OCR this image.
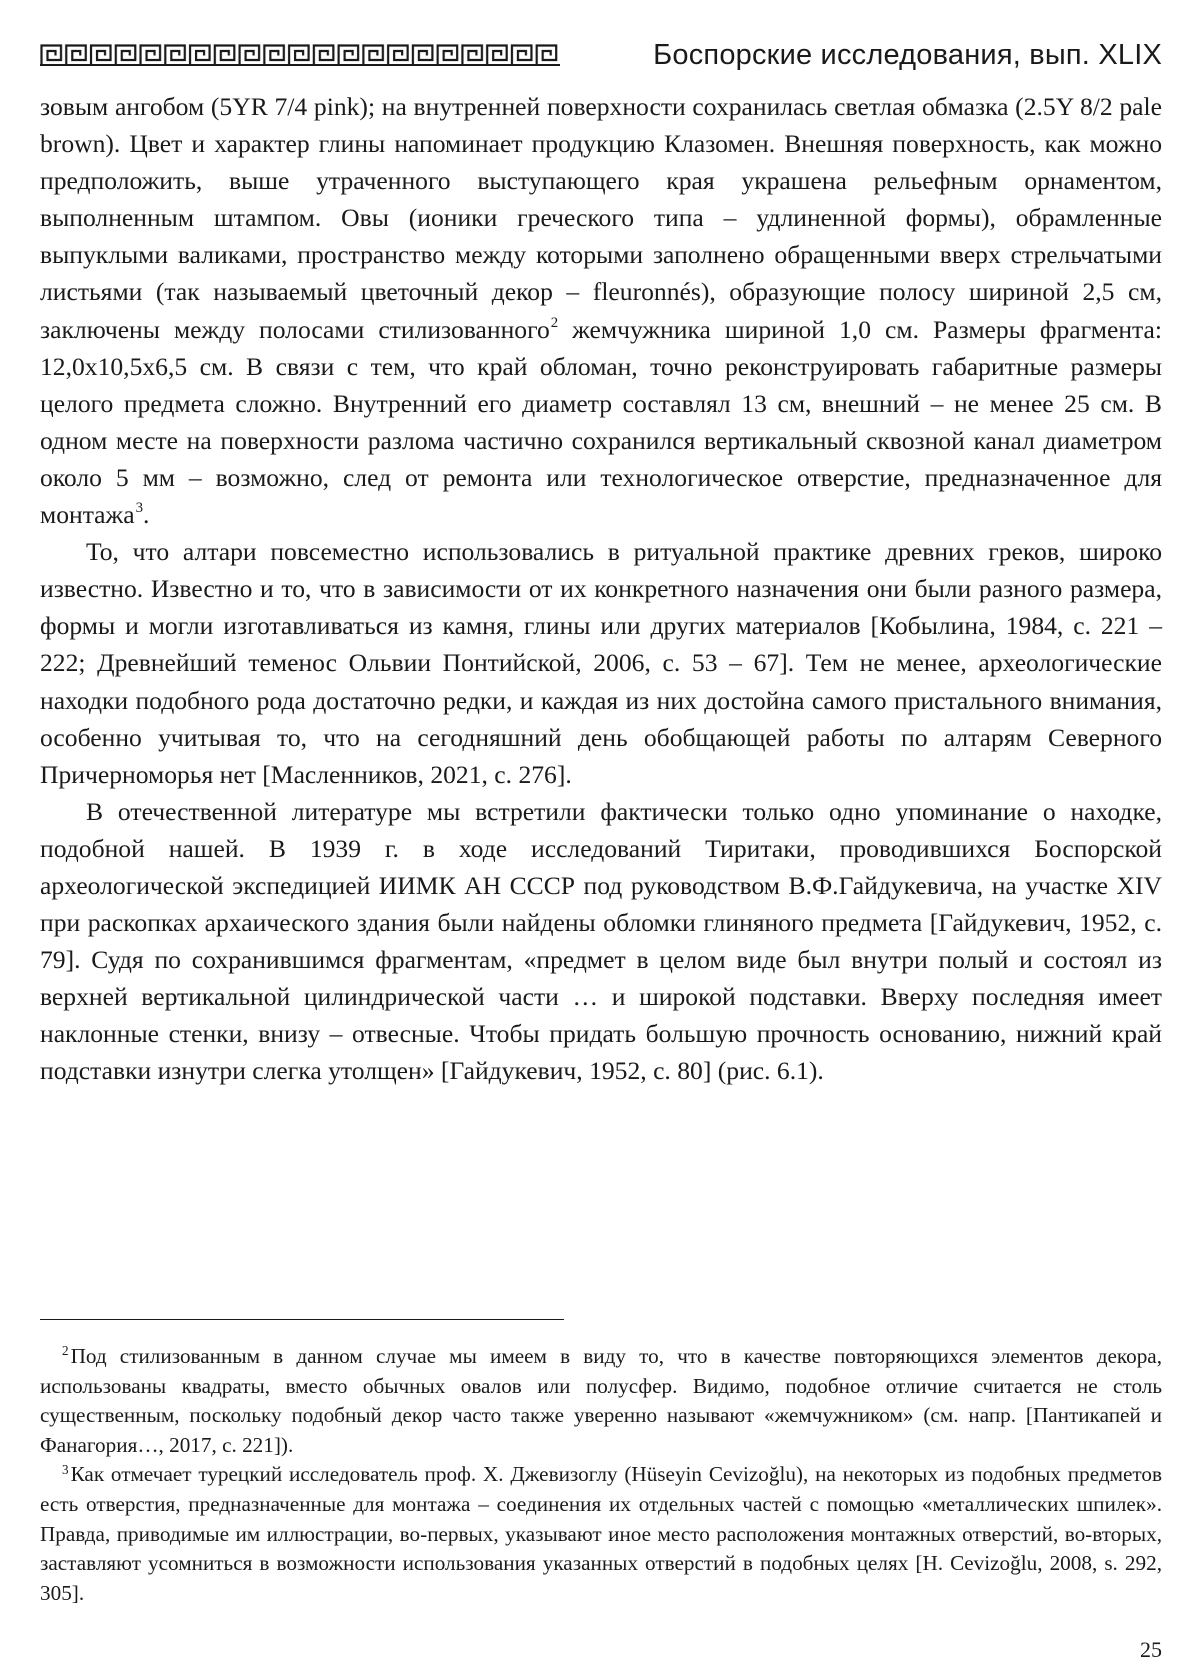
Боспорские исследования, вып. XLIX

зовым ангобом (5YR 7/4 pink); на внутренней поверхности сохранилась светлая обмазка (2.5Y 8/2 pale brown). Цвет и характер глины напоминает продукцию Клазомен. Внешняя поверхность, как можно предположить, выше утраченного выступающего края украшена рельефным орнаментом, выполненным штампом. Овы (ионики греческого типа – удлиненной формы), обрамленные выпуклыми валиками, пространство между которыми заполнено обращенными вверх стрельчатыми листьями (так называемый цветочный декор – fleuronnés), образующие полосу шириной 2,5 см, заключены между полосами стилизованного$^2$ жемчужника шириной 1,0 см. Размеры фрагмента: 12,0х10,5х6,5 см. В связи с тем, что край обломан, точно реконструировать габаритные размеры целого предмета сложно. Внутренний его диаметр составлял 13 см, внешний – не менее 25 см. В одном месте на поверхности разлома частично сохранился вертикальный сквозной канал диаметром около 5 мм – возможно, след от ремонта или технологическое отверстие, предназначенное для монтажа$^3$.

То, что алтари повсеместно использовались в ритуальной практике древних греков, широко известно. Известно и то, что в зависимости от их конкретного назначения они были разного размера, формы и могли изготавливаться из камня, глины или других материалов [Кобылина, 1984, с. 221 – 222; Древнейший теменос Ольвии Понтийской, 2006, с. 53 – 67]. Тем не менее, археологические находки подобного рода достаточно редки, и каждая из них достойна самого пристального внимания, особенно учитывая то, что на сегодняшний день обобщающей работы по алтарям Северного Причерноморья нет [Масленников, 2021, с. 276].

В отечественной литературе мы встретили фактически только одно упоминание о находке, подобной нашей. В 1939 г. в ходе исследований Тиритаки, проводившихся Боспорской археологической экспедицией ИИМК АН СССР под руководством В.Ф.Гайдукевича, на участке XIV при раскопках архаического здания были найдены обломки глиняного предмета [Гайдукевич, 1952, с. 79]. Судя по сохранившимся фрагментам, «предмет в целом виде был внутри полый и состоял из верхней вертикальной цилиндрической части … и широкой подставки. Вверху последняя имеет наклонные стенки, внизу – отвесные. Чтобы придать большую прочность основанию, нижний край подставки изнутри слегка утолщен» [Гайдукевич, 1952, с. 80] (рис. 6.1).

$^2$Под стилизованным в данном случае мы имеем в виду то, что в качестве повторяющихся элементов декора, использованы квадраты, вместо обычных овалов или полусфер. Видимо, подобное отличие считается не столь существенным, поскольку подобный декор часто также уверенно называют «жемчужником» (см. напр. [Пантикапей и Фанагория…, 2017, с. 221]).

$^3$Как отмечает турецкий исследователь проф. Х. Джевизоглу (Hüseyin Cevizoğlu), на некоторых из подобных предметов есть отверстия, предназначенные для монтажа – соединения их отдельных частей с помощью «металлических шпилек». Правда, приводимые им иллюстрации, во-первых, указывают иное место расположения монтажных отверстий, во-вторых, заставляют усомниться в возможности использования указанных отверстий в подобных целях [H. Cevizoğlu, 2008, s. 292, 305].

25
